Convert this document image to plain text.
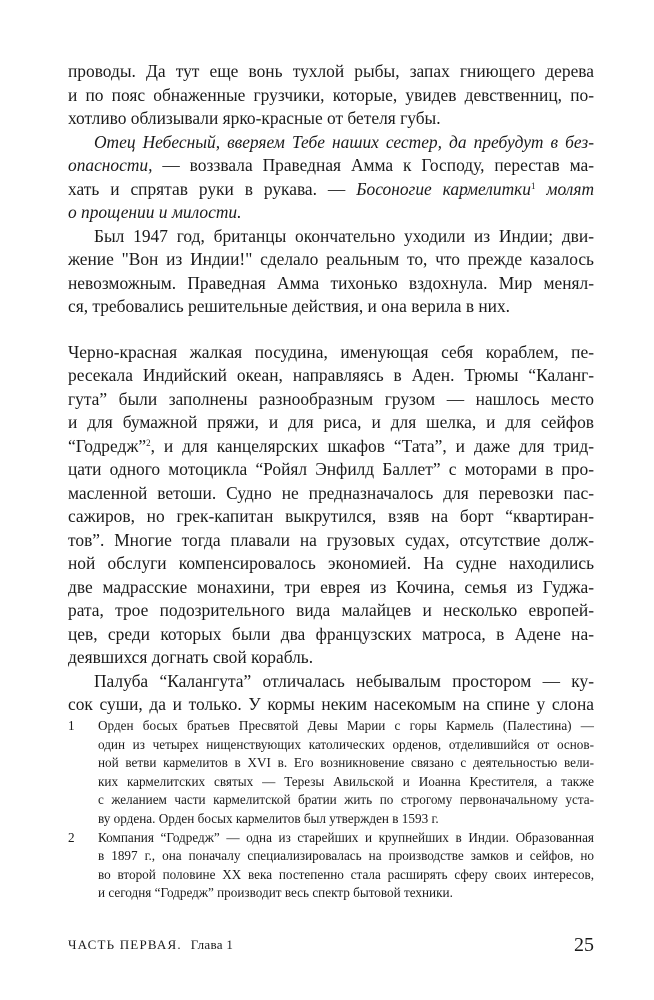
проводы. Да тут еще вонь тухлой рыбы, запах гниющего дерева
и по пояс обнаженные грузчики, которые, увидев девственниц, по-
хотливо облизывали ярко-красные от бетеля губы.
Отец Небесный, вверяем Тебе наших сестер, да пребудут в без-
опасности, — воззвала Праведная Амма к Господу, перестав ма-
хать и спрятав руки в рукава. — Босоногие кармелитки$^1$ молят
о прощении и милости.
Был 1947 год, британцы окончательно уходили из Индии; дви-
жение "Вон из Индии!" сделало реальным то, что прежде казалось
невозможным. Праведная Амма тихонько вздохнула. Мир менял-
ся, требовались решительные действия, и она верила в них.
Черно-красная жалкая посудина, именующая себя кораблем, пе-
ресекала Индийский океан, направляясь в Аден. Трюмы “Каланг-
гута” были заполнены разнообразным грузом — нашлось место
и для бумажной пряжи, и для риса, и для шелка, и для сейфов
“Годредж”$^2$, и для канцелярских шкафов “Тата”, и даже для трид-
цати одного мотоцикла “Ройял Энфилд Баллет” с моторами в про-
масленной ветоши. Судно не предназначалось для перевозки пас-
сажиров, но грек-капитан выкрутился, взяв на борт “квартиран-
тов”. Многие тогда плавали на грузовых судах, отсутствие долж-
ной обслуги компенсировалось экономией. На судне находились
две мадрасские монахини, три еврея из Кочина, семья из Гуджа-
рата, трое подозрительного вида малайцев и несколько европей-
цев, среди которых были два французских матроса, в Адене на-
деявшихся догнать свой корабль.
Палуба “Калангута” отличалась небывалым простором — ку-
сок суши, да и только. У кормы неким насекомым на спине у слона
1 Орден босых братьев Пресвятой Девы Марии с горы Кармель (Палестина) —
один из четырех нищенствующих католических орденов, отделившийся от основ-
ной ветви кармелитов в XVI в. Его возникновение связано с деятельностью вели-
ких кармелитских святых — Терезы Авильской и Иоанна Крестителя, а также
с желанием части кармелитской братии жить по строгому первоначальному уста-
ву ордена. Орден босых кармелитов был утвержден в 1593 г.
2 Компания “Годредж” — одна из старейших и крупнейших в Индии. Образованная
в 1897 г., она поначалу специализировалась на производстве замков и сейфов, но
во второй половине XX века постепенно стала расширять сферу своих интересов,
и сегодня “Годредж” производит весь спектр бытовой техники.
ЧАСТЬ ПЕРВАЯ. Глава 1	25
